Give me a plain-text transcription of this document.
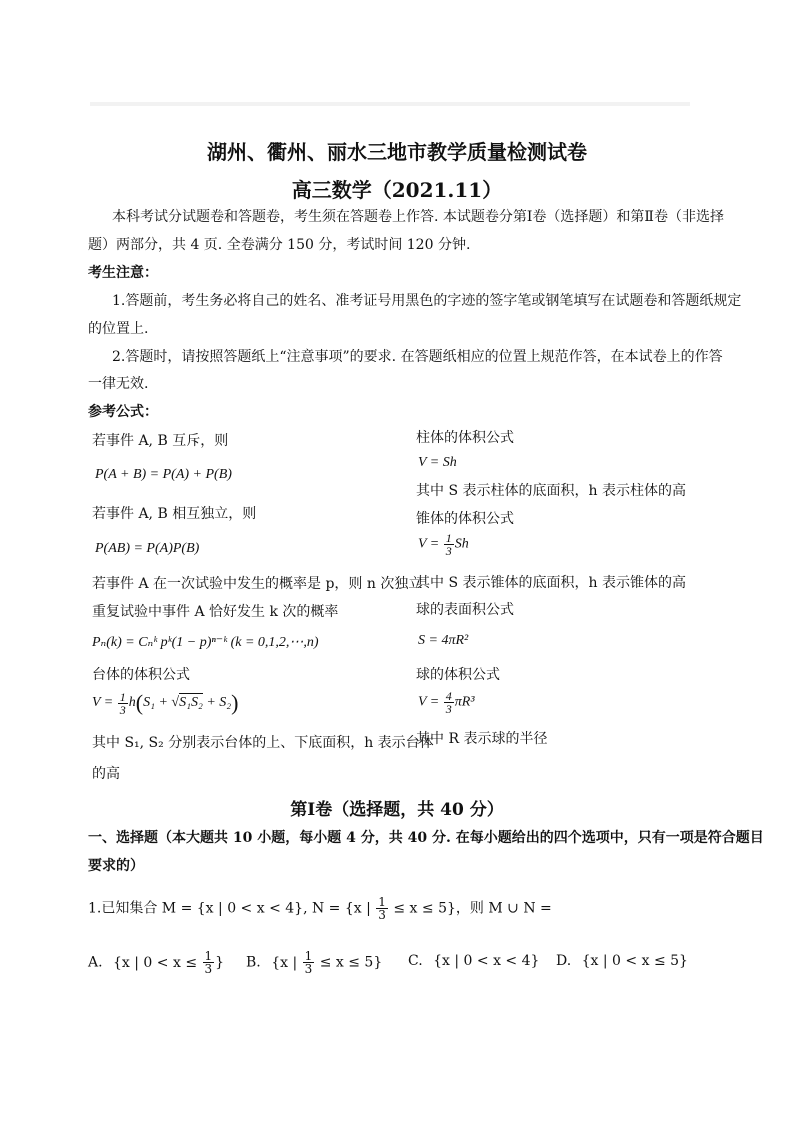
湖州、衢州、丽水三地市教学质量检测试卷
高三数学（2021.11）
本科考试分试题卷和答题卷，考生须在答题卷上作答. 本试题卷分第Ⅰ卷（选择题）和第Ⅱ卷（非选择
题）两部分，共 4 页. 全卷满分 150 分，考试时间 120 分钟.
考生注意：
1.答题前，考生务必将自己的姓名、准考证号用黑色的字迹的签字笔或钢笔填写在试题卷和答题纸规定
的位置上.
2.答题时，请按照答题纸上“注意事项”的要求. 在答题纸相应的位置上规范作答，在本试卷上的作答
一律无效.
参考公式：
若事件 A, B 互斥，则
P(A + B) = P(A) + P(B)
若事件 A, B 相互独立，则
P(AB) = P(A)P(B)
若事件 A 在一次试验中发生的概率是 p，则 n 次独立
重复试验中事件 A 恰好发生 k 次的概率
Pₙ(k) = Cₙᵏ pᵏ(1 − p)ⁿ⁻ᵏ (k = 0,1,2,⋯,n)
台体的体积公式
$V = \frac{1}{3} h(S_1 + √S_1S_2 + S_2)$
其中 S₁, S₂ 分别表示台体的上、下底面积，h 表示台体
的高
柱体的体积公式
V = Sh
其中 S 表示柱体的底面积，h 表示柱体的高
锥体的体积公式
$V = \frac{1}{3}$ Sh
其中 S 表示锥体的底面积，h 表示锥体的高
球的表面积公式
S = 4πR²
球的体积公式
$V = \frac{4}{3} \pi R^3$
其中 R 表示球的半径
第Ⅰ卷（选择题，共 40 分）
一、选择题（本大题共 10 小题，每小题 4 分，共 40 分. 在每小题给出的四个选项中，只有一项是符合题目
要求的）
1.已知集合 M = {x | 0 < x < 4}, N = {x | $\frac{1}{3} \le x \le 5$}，则 M ∪ N =
A. {x | $0 < x \le \frac{1}{3}$ } B. {x | $\frac{1}{3} \le x \le 5$} C. {x | 0 < x < 4} D. {x | 0 < x ≤ 5}
